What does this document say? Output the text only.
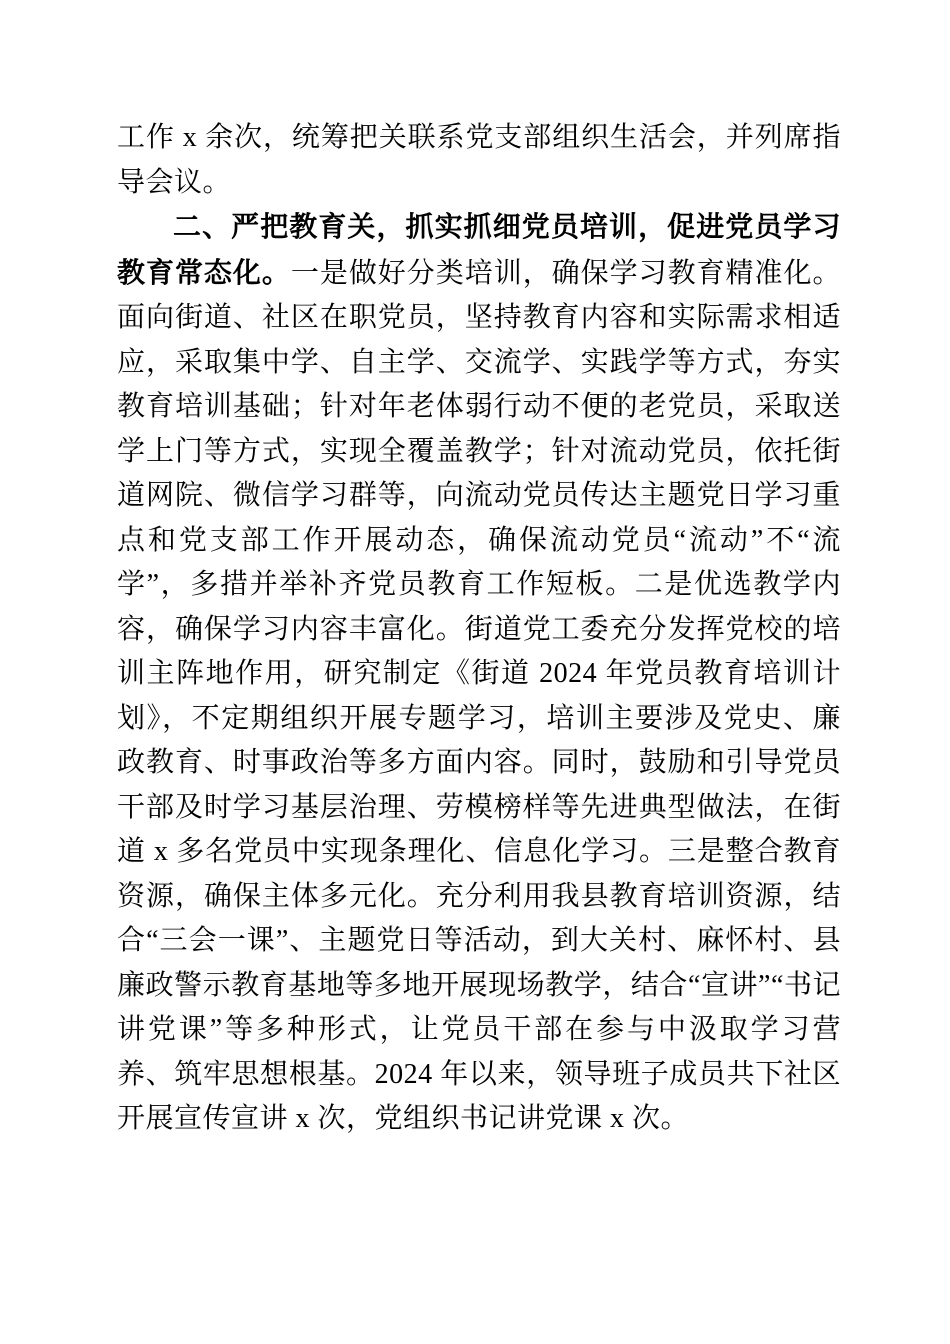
工作 x 余次，统筹把关联系党支部组织生活会，并列席指导会议。

二、严把教育关，抓实抓细党员培训，促进党员学习教育常态化。一是做好分类培训，确保学习教育精准化。面向街道、社区在职党员，坚持教育内容和实际需求相适应，采取集中学、自主学、交流学、实践学等方式，夯实教育培训基础；针对年老体弱行动不便的老党员，采取送学上门等方式，实现全覆盖教学；针对流动党员，依托街道网院、微信学习群等，向流动党员传达主题党日学习重点和党支部工作开展动态，确保流动党员“流动”不“流学”，多措并举补齐党员教育工作短板。二是优选教学内容，确保学习内容丰富化。街道党工委充分发挥党校的培训主阵地作用，研究制定《街道 2024 年党员教育培训计划》，不定期组织开展专题学习，培训主要涉及党史、廉政教育、时事政治等多方面内容。同时，鼓励和引导党员干部及时学习基层治理、劳模榜样等先进典型做法，在街道 x 多名党员中实现条理化、信息化学习。三是整合教育资源，确保主体多元化。充分利用我县教育培训资源，结合“三会一课”、主题党日等活动，到大关村、麻怀村、县廉政警示教育基地等多地开展现场教学，结合“宣讲”“书记讲党课”等多种形式，让党员干部在参与中汲取学习营养、筑牢思想根基。2024 年以来，领导班子成员共下社区开展宣传宣讲 x 次，党组织书记讲党课 x 次。
